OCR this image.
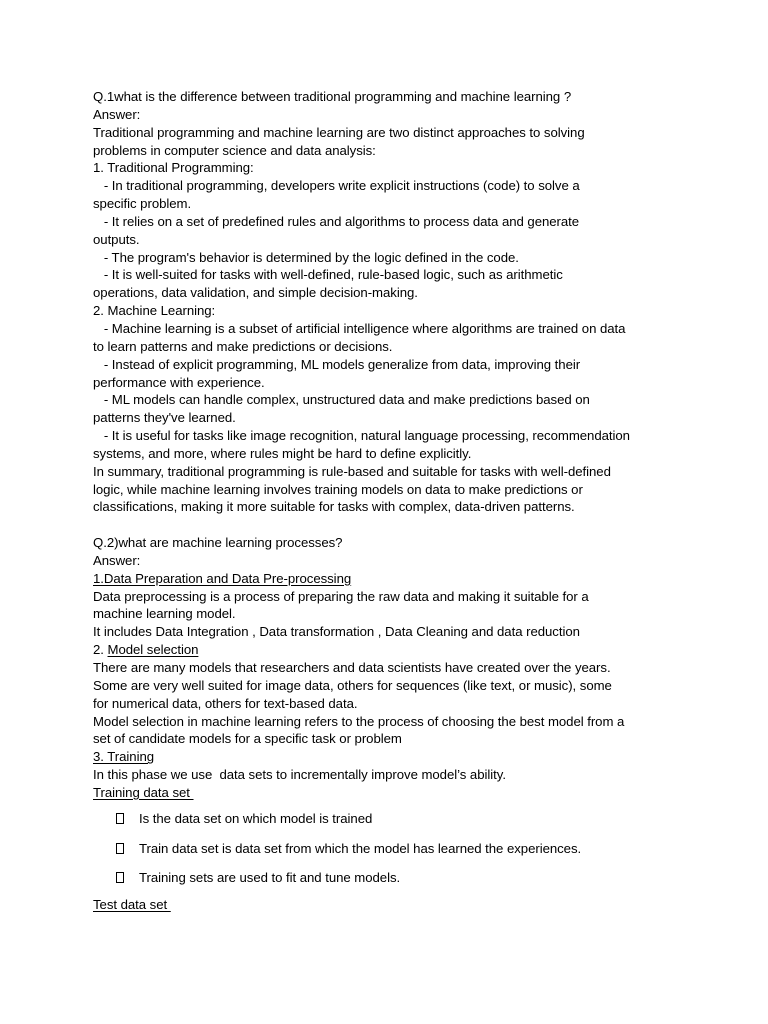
Q.1what is the difference between traditional programming and machine learning ?
Answer:
Traditional programming and machine learning are two distinct approaches to solving
problems in computer science and data analysis:
1. Traditional Programming:
- In traditional programming, developers write explicit instructions (code) to solve a
specific problem.
- It relies on a set of predefined rules and algorithms to process data and generate
outputs.
- The program's behavior is determined by the logic defined in the code.
- It is well-suited for tasks with well-defined, rule-based logic, such as arithmetic
operations, data validation, and simple decision-making.
2. Machine Learning:
- Machine learning is a subset of artificial intelligence where algorithms are trained on data
to learn patterns and make predictions or decisions.
- Instead of explicit programming, ML models generalize from data, improving their
performance with experience.
- ML models can handle complex, unstructured data and make predictions based on
patterns they've learned.
- It is useful for tasks like image recognition, natural language processing, recommendation
systems, and more, where rules might be hard to define explicitly.
In summary, traditional programming is rule-based and suitable for tasks with well-defined
logic, while machine learning involves training models on data to make predictions or
classifications, making it more suitable for tasks with complex, data-driven patterns.
Q.2)what are machine learning processes?
Answer:
1.Data Preparation and Data Pre-processing
Data preprocessing is a process of preparing the raw data and making it suitable for a
machine learning model.
It includes Data Integration , Data transformation , Data Cleaning and data reduction
2. Model selection
There are many models that researchers and data scientists have created over the years.
Some are very well suited for image data, others for sequences (like text, or music), some
for numerical data, others for text-based data.
Model selection in machine learning refers to the process of choosing the best model from a
set of candidate models for a specific task or problem
3. Training
In this phase we use  data sets to incrementally improve model’s ability.
Training data set
Is the data set on which model is trained
Train data set is data set from which the model has learned the experiences.
Training sets are used to fit and tune models.
Test data set
